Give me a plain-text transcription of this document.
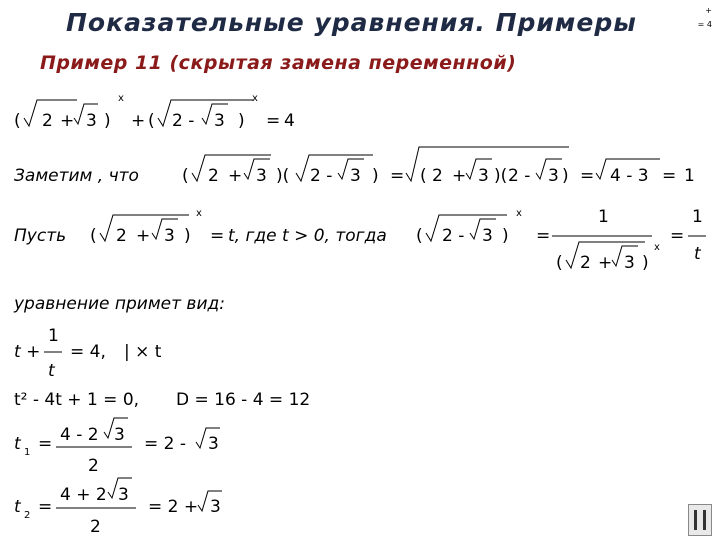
Показательные уравнения. Примеры
Пример 11 (скрытая замена переменной)
+
= 4
( 2 + 3 )
x
+ ( 2 - 3 )
x
= 4
Заметим , что	( 2 + 3 )( 2 - 3 ) = ( 2 + 3 )( 2 - 3 ) = 4 - 3 = 1
Пусть ( 2 + 3 )
x
= t, где t > 0, тогда ( 2 - 3 )
x
=
1
( 2 + 3 )
x
=
1
t
уравнение примет вид:
t +
1
t
= 4, | × t
t² - 4t + 1 = 0, D = 16 - 4 = 12
t 1 = 4 - 2 3
2
= 2 - 3
t 2 =
4 + 2 3
2
= 2 + 3
